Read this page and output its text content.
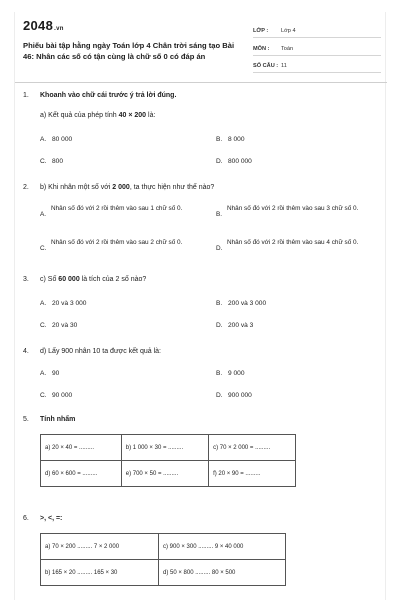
2048.vn
Phiếu bài tập hằng ngày Toán lớp 4 Chân trời sáng tạo Bài 46: Nhân các số có tận cùng là chữ số 0 có đáp án
LỚP : Lớp 4
MÔN : Toán
SỐ CÂU : 11
1.	Khoanh vào chữ cái trước ý trả lời đúng.
a) Kết quả của phép tính 40 × 200 là:
A. 80 000	B. 8 000
C. 800	D. 800 000
2.	b) Khi nhân một số với 2 000, ta thực hiện như thế nào?
A.
Nhân số đó với 2 rồi thêm vào sau 1 chữ số 0.
B.
Nhân số đó với 2 rồi thêm vào sau 3 chữ số 0.
C.
Nhân số đó với 2 rồi thêm vào sau 2 chữ số 0.
D.
Nhân số đó với 2 rồi thêm vào sau 4 chữ số 0.
3.	c) Số 60 000 là tích của 2 số nào?
A. 20 và 3 000	B. 200 và 3 000
C. 20 và 30	D. 200 và 3
4.	d) Lấy 900 nhân 10 ta được kết quả là:
A. 90	B. 9 000
C. 90 000	D. 900 000
5.	Tính nhẩm
a) 20 × 40 = .........	b) 1 000 × 30 = .........	c) 70 × 2 000 = .........
d) 60 × 600 = .........	e) 700 × 50 = .........	f) 20 × 90 = .........
6.	>, <, =:
a) 70 × 200 ......... 7 × 2 000	c) 900 × 300 ......... 9 × 40 000
b) 165 × 20 ......... 165 × 30	d) 50 × 800 ......... 80 × 500
